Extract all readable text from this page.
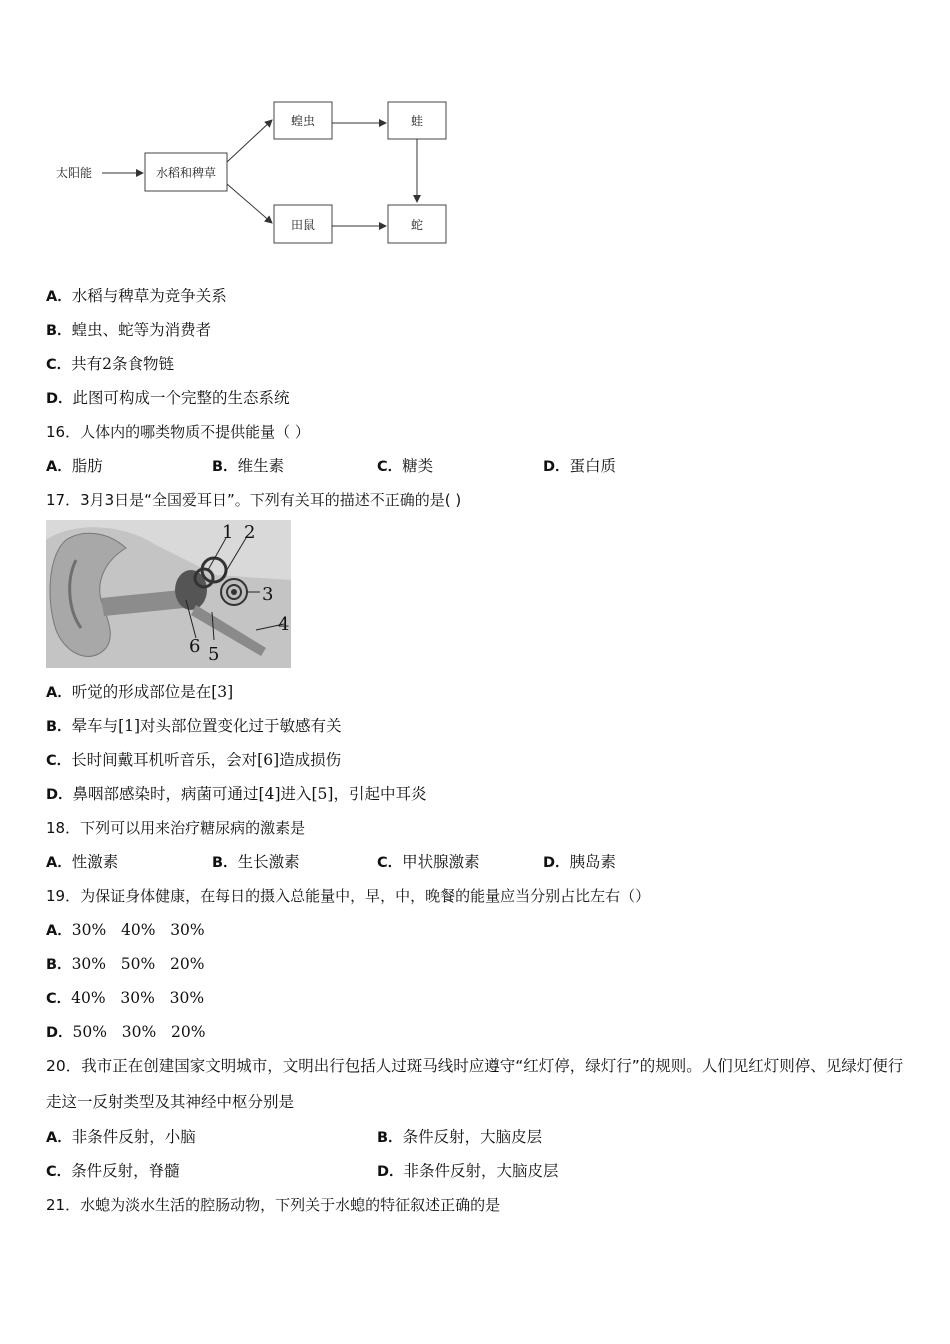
太阳能	水稻和稗草
蝗虫	蛙
田鼠	蛇
A．水稻与稗草为竞争关系
B．蝗虫、蛇等为消费者
C．共有2条食物链
D．此图可构成一个完整的生态系统
16．人体内的哪类物质不提供能量（ ）
A．脂肪	B．维生素	C．糖类	D．蛋白质
17．3月3日是“全国爱耳日”。下列有关耳的描述不正确的是( )
1 2
3
4
5
6
A．听觉的形成部位是在[3]
B．晕车与[1]对头部位置变化过于敏感有关
C．长时间戴耳机听音乐，会对[6]造成损伤
D．鼻咽部感染时，病菌可通过[4]进入[5]，引起中耳炎
18．下列可以用来治疗糖尿病的激素是
A．性激素	B．生长激素	C．甲状腺激素	D．胰岛素
19．为保证身体健康，在每日的摄入总能量中，早，中，晚餐的能量应当分别占比左右（）
A．30%   40%   30%
B．30%   50%   20%
C．40%   30%   30%
D．50%   30%   20%
20．我市正在创建国家文明城市，文明出行包括人过斑马线时应遵守“红灯停，绿灯行”的规则。人们见红灯则停、见绿灯便行走这一反射类型及其神经中枢分别是
A．非条件反射，小脑	B．条件反射，大脑皮层
C．条件反射，脊髓	D．非条件反射，大脑皮层
21．水螅为淡水生活的腔肠动物，下列关于水螅的特征叙述正确的是
